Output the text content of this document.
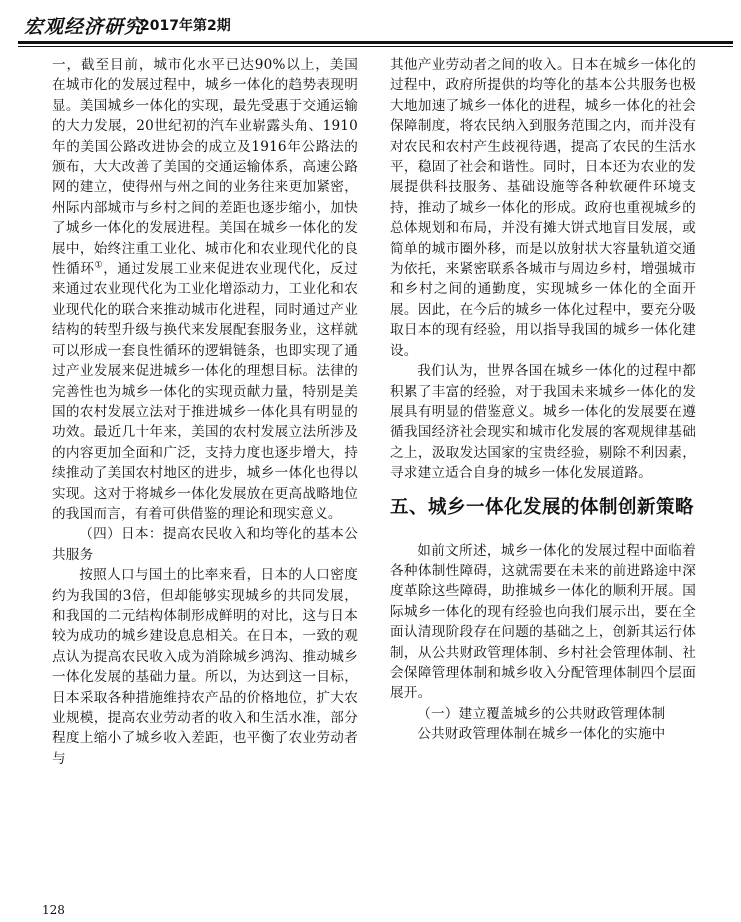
宏观经济研究
2017年第2期

一，截至目前，城市化水平已达90%以上，美国在城市化的发展过程中，城乡一体化的趋势表现明显。美国城乡一体化的实现，最先受惠于交通运输的大力发展，20世纪初的汽车业崭露头角、1910年的美国公路改进协会的成立及1916年公路法的颁布，大大改善了美国的交通运输体系，高速公路网的建立，使得州与州之间的业务往来更加紧密，州际内部城市与乡村之间的差距也逐步缩小，加快了城乡一体化的发展进程。美国在城乡一体化的发展中，始终注重工业化、城市化和农业现代化的良性循环①，通过发展工业来促进农业现代化，反过来通过农业现代化为工业化增添动力，工业化和农业现代化的联合来推动城市化进程，同时通过产业结构的转型升级与换代来发展配套服务业，这样就可以形成一套良性循环的逻辑链条，也即实现了通过产业发展来促进城乡一体化的理想目标。法律的完善性也为城乡一体化的实现贡献力量，特别是美国的农村发展立法对于推进城乡一体化具有明显的功效。最近几十年来，美国的农村发展立法所涉及的内容更加全面和广泛，支持力度也逐步增大，持续推动了美国农村地区的进步，城乡一体化也得以实现。这对于将城乡一体化发展放在更高战略地位的我国而言，有着可供借鉴的理论和现实意义。

（四）日本：提高农民收入和均等化的基本公共服务

按照人口与国土的比率来看，日本的人口密度约为我国的3倍，但却能够实现城乡的共同发展，和我国的二元结构体制形成鲜明的对比，这与日本较为成功的城乡建设息息相关。在日本，一致的观点认为提高农民收入成为消除城乡鸿沟、推动城乡一体化发展的基础力量。所以，为达到这一目标，日本采取各种措施维持农产品的价格地位，扩大农业规模，提高农业劳动者的收入和生活水准，部分程度上缩小了城乡收入差距，也平衡了农业劳动者与

其他产业劳动者之间的收入。日本在城乡一体化的过程中，政府所提供的均等化的基本公共服务也极大地加速了城乡一体化的进程，城乡一体化的社会保障制度，将农民纳入到服务范围之内，而并没有对农民和农村产生歧视待遇，提高了农民的生活水平，稳固了社会和谐性。同时，日本还为农业的发展提供科技服务、基础设施等各种软硬件环境支持，推动了城乡一体化的形成。政府也重视城乡的总体规划和布局，并没有摊大饼式地盲目发展，或简单的城市圈外移，而是以放射状大容量轨道交通为依托，来紧密联系各城市与周边乡村，增强城市和乡村之间的通勤度，实现城乡一体化的全面开展。因此，在今后的城乡一体化过程中，要充分吸取日本的现有经验，用以指导我国的城乡一体化建设。

我们认为，世界各国在城乡一体化的过程中都积累了丰富的经验，对于我国未来城乡一体化的发展具有明显的借鉴意义。城乡一体化的发展要在遵循我国经济社会现实和城市化发展的客观规律基础之上，汲取发达国家的宝贵经验，剔除不利因素，寻求建立适合自身的城乡一体化发展道路。

五、城乡一体化发展的体制创新策略

如前文所述，城乡一体化的发展过程中面临着各种体制性障碍，这就需要在未来的前进路途中深度革除这些障碍，助推城乡一体化的顺利开展。国际城乡一体化的现有经验也向我们展示出，要在全面认清现阶段存在问题的基础之上，创新其运行体制，从公共财政管理体制、乡村社会管理体制、社会保障管理体制和城乡收入分配管理体制四个层面展开。

（一）建立覆盖城乡的公共财政管理体制

公共财政管理体制在城乡一体化的实施中

128
